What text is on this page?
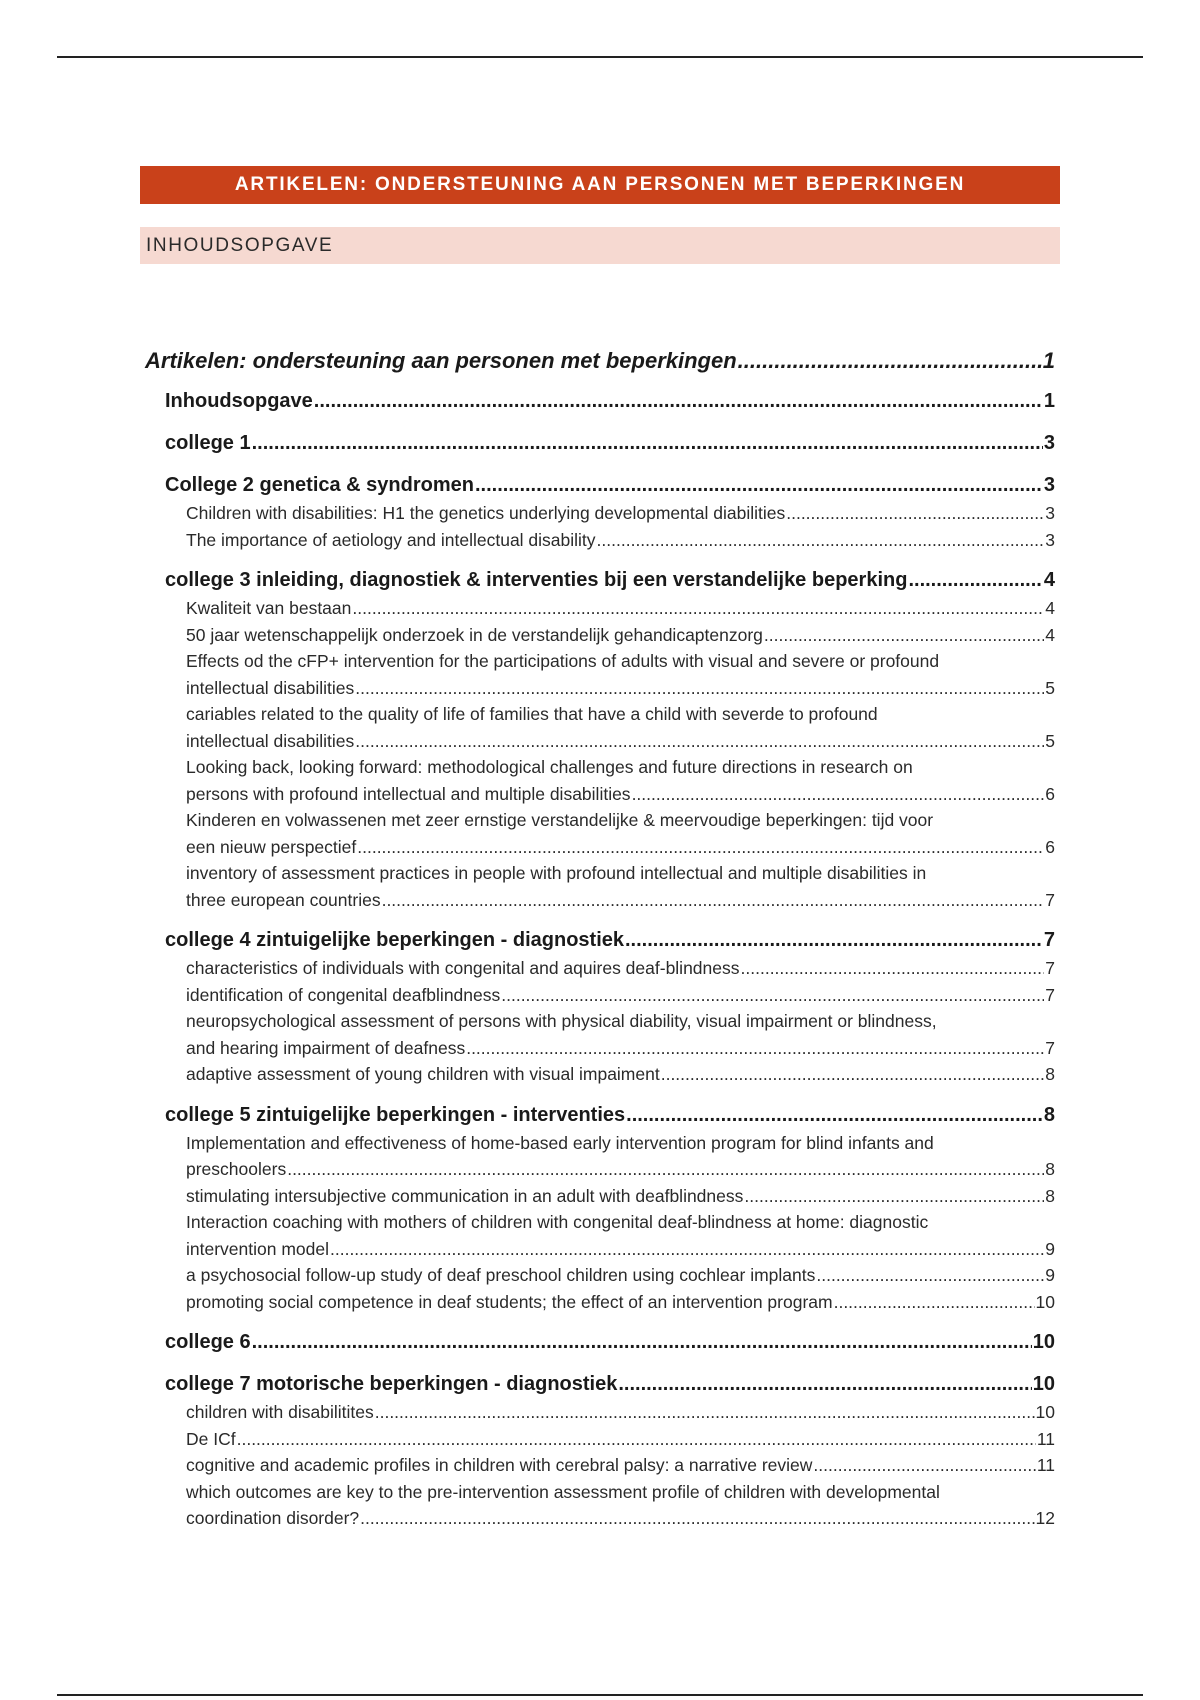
ARTIKELEN: ONDERSTEUNING AAN PERSONEN MET BEPERKINGEN
INHOUDSOPGAVE
Artikelen: ondersteuning aan personen met beperkingen .....	1
Inhoudsopgave .....	1
college 1 .....	3
College 2 genetica & syndromen .....	3
Children with disabilities: H1 the genetics underlying developmental diabilities .....	3
The importance of aetiology and intellectual disability .....	3
college 3 inleiding, diagnostiek & interventies bij een verstandelijke beperking .....	4
Kwaliteit van bestaan .....	4
50 jaar wetenschappelijk onderzoek in de verstandelijk gehandicaptenzorg .....	4
Effects od the cFP+ intervention for the participations of adults with visual and severe or profound
intellectual disabilities .....	5
cariables related to the quality of life of families that have a child with severde to profound
intellectual disabilities .....	5
Looking back, looking forward: methodological challenges and future directions in research on
persons with profound intellectual and multiple disabilities .....	6
Kinderen en volwassenen met zeer ernstige verstandelijke & meervoudige beperkingen: tijd voor
een nieuw perspectief .....	6
inventory of assessment practices in people with profound intellectual and multiple disabilities in
three european countries .....	7
college 4 zintuigelijke beperkingen - diagnostiek .....	7
characteristics of individuals with congenital and aquires deaf-blindness .....	7
identification of congenital deafblindness .....	7
neuropsychological assessment of persons with physical diability, visual impairment or blindness,
and hearing impairment of deafness .....	7
adaptive assessment of young children with visual impaiment .....	8
college 5 zintuigelijke beperkingen - interventies .....	8
Implementation and effectiveness of home-based early intervention program for blind infants and
preschoolers .....	8
stimulating intersubjective communication in an adult with deafblindness .....	8
Interaction coaching with mothers of children with congenital deaf-blindness at home: diagnostic
intervention model .....	9
a psychosocial follow-up study of deaf preschool children using cochlear implants .....	9
promoting social competence in deaf students; the effect of an intervention program .....	10
college 6 .....	10
college 7 motorische beperkingen - diagnostiek .....	10
children with disabilitites .....	10
De ICf .....	11
cognitive and academic profiles in children with cerebral palsy: a narrative review .....	11
which outcomes are key to the pre-intervention assessment profile of children with developmental
coordination disorder? .....	12
